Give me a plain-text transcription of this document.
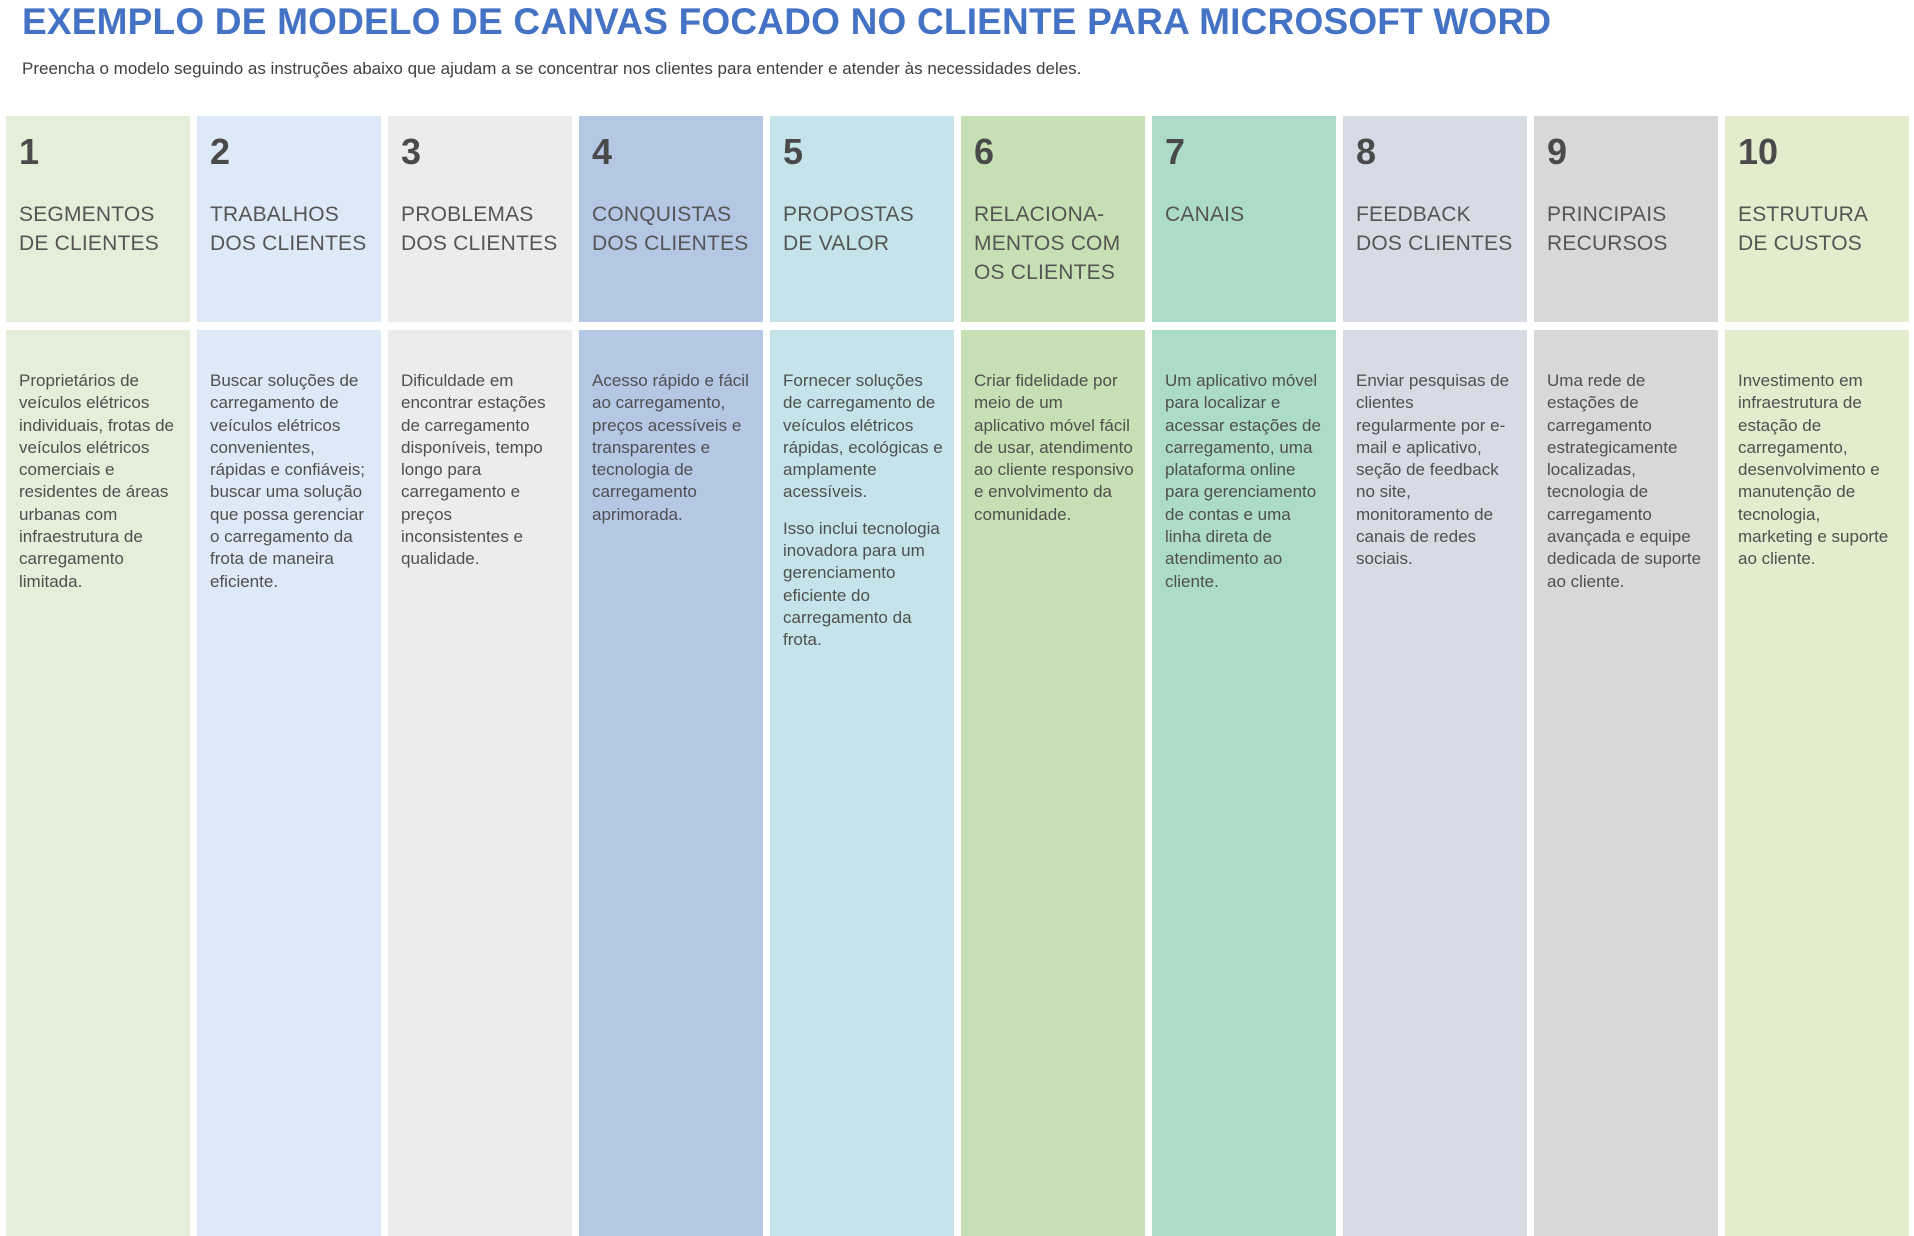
EXEMPLO DE MODELO DE CANVAS FOCADO NO CLIENTE PARA MICROSOFT WORD

Preencha o modelo seguindo as instruções abaixo que ajudam a se concentrar nos clientes para entender e atender às necessidades deles.

1
SEGMENTOS DE CLIENTES

Proprietários de veículos elétricos individuais, frotas de veículos elétricos comerciais e residentes de áreas urbanas com infraestrutura de carregamento limitada.

2
TRABALHOS DOS CLIENTES

Buscar soluções de carregamento de veículos elétricos convenientes, rápidas e confiáveis; buscar uma solução que possa gerenciar o carregamento da frota de maneira eficiente.

3
PROBLEMAS DOS CLIENTES

Dificuldade em encontrar estações de carregamento disponíveis, tempo longo para carregamento e preços inconsistentes e qualidade.

4
CONQUISTAS DOS CLIENTES

Acesso rápido e fácil ao carregamento, preços acessíveis e transparentes e tecnologia de carregamento aprimorada.

5
PROPOSTAS DE VALOR

Fornecer soluções de carregamento de veículos elétricos rápidas, ecológicas e amplamente acessíveis.

Isso inclui tecnologia inovadora para um gerenciamento eficiente do carregamento da frota.

6
RELACIONA-MENTOS COM OS CLIENTES

Criar fidelidade por meio de um aplicativo móvel fácil de usar, atendimento ao cliente responsivo e envolvimento da comunidade.

7
CANAIS

Um aplicativo móvel para localizar e acessar estações de carregamento, uma plataforma online para gerenciamento de contas e uma linha direta de atendimento ao cliente.

8
FEEDBACK DOS CLIENTES

Enviar pesquisas de clientes regularmente por e-mail e aplicativo, seção de feedback no site, monitoramento de canais de redes sociais.

9
PRINCIPAIS RECURSOS

Uma rede de estações de carregamento estrategicamente localizadas, tecnologia de carregamento avançada e equipe dedicada de suporte ao cliente.

10
ESTRUTURA DE CUSTOS

Investimento em infraestrutura de estação de carregamento, desenvolvimento e manutenção de tecnologia, marketing e suporte ao cliente.
